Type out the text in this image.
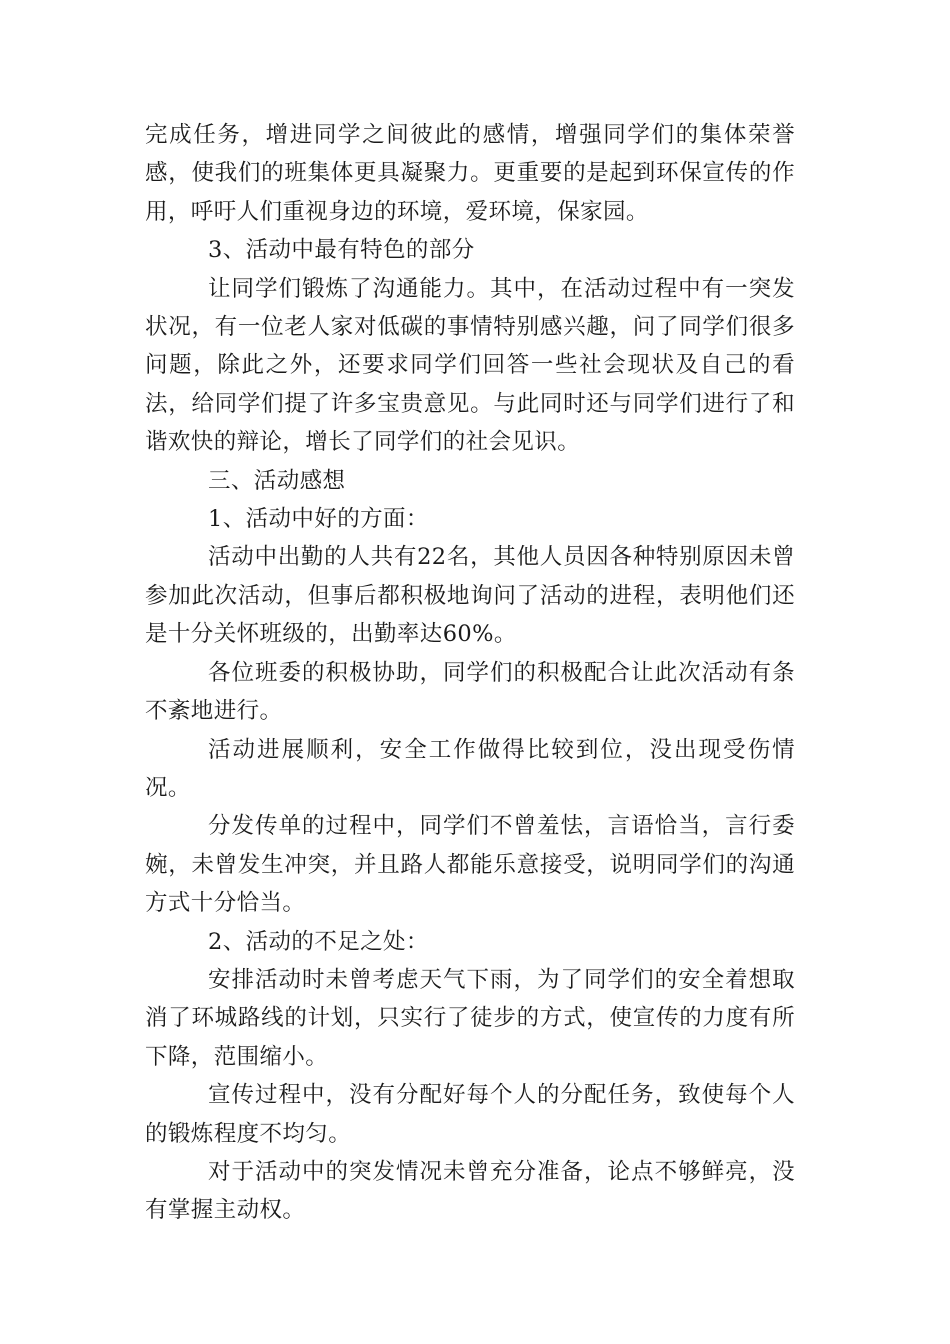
完成任务，增进同学之间彼此的感情，增强同学们的集体荣誉感，使我们的班集体更具凝聚力。更重要的是起到环保宣传的作用，呼吁人们重视身边的环境，爱环境，保家园。

3、活动中最有特色的部分

让同学们锻炼了沟通能力。其中，在活动过程中有一突发状况，有一位老人家对低碳的事情特别感兴趣，问了同学们很多问题，除此之外，还要求同学们回答一些社会现状及自己的看法，给同学们提了许多宝贵意见。与此同时还与同学们进行了和谐欢快的辩论，增长了同学们的社会见识。

三、活动感想

1、活动中好的方面：

活动中出勤的人共有22名，其他人员因各种特别原因未曾参加此次活动，但事后都积极地询问了活动的进程，表明他们还是十分关怀班级的，出勤率达60%。

各位班委的积极协助，同学们的积极配合让此次活动有条不紊地进行。

活动进展顺利，安全工作做得比较到位，没出现受伤情况。

分发传单的过程中，同学们不曾羞怯，言语恰当，言行委婉，未曾发生冲突，并且路人都能乐意接受，说明同学们的沟通方式十分恰当。

2、活动的不足之处：

安排活动时未曾考虑天气下雨，为了同学们的安全着想取消了环城路线的计划，只实行了徒步的方式，使宣传的力度有所下降，范围缩小。

宣传过程中，没有分配好每个人的分配任务，致使每个人的锻炼程度不均匀。

对于活动中的突发情况未曾充分准备，论点不够鲜亮，没有掌握主动权。
